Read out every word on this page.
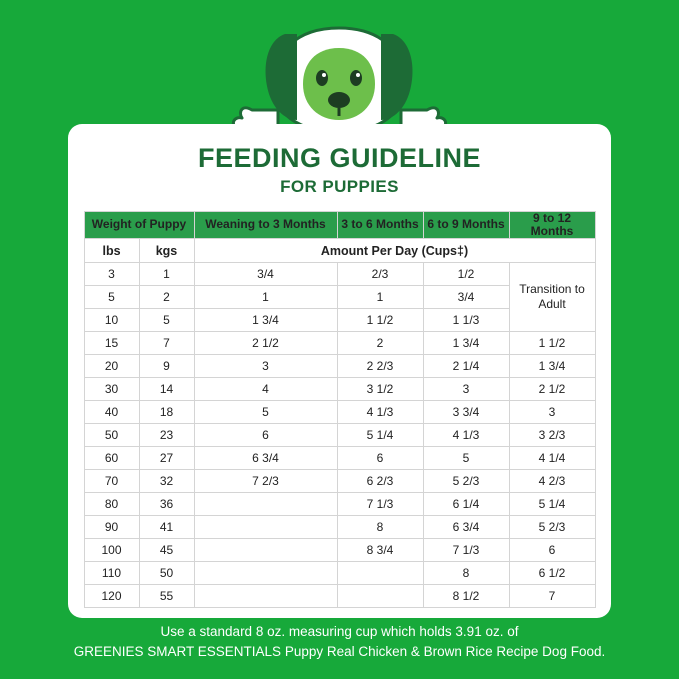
FEEDING GUIDELINE
FOR PUPPIES
Weight of Puppy		Weaning to 3 Months	3 to 6 Months	6 to 9 Months	9 to 12 Months
lbs	kgs	Amount Per Day (Cups‡)			
3	1	3/4	2/3	1/2	Transition to Adult
5	2	1	1	3/4	
10	5	1 3/4	1 1/2	1 1/3	
15	7	2 1/2	2	1 3/4	1 1/2
20	9	3	2 2/3	2 1/4	1 3/4
30	14	4	3 1/2	3	2 1/2
40	18	5	4 1/3	3 3/4	3
50	23	6	5 1/4	4 1/3	3 2/3
60	27	6 3/4	6	5	4 1/4
70	32	7 2/3	6 2/3	5 2/3	4 2/3
80	36		7 1/3	6 1/4	5 1/4
90	41		8	6 3/4	5 2/3
100	45		8 3/4	7 1/3	6
110	50			8	6 1/2
120	55			8 1/2	7
Use a standard 8 oz. measuring cup which holds 3.91 oz. of
GREENIES SMART ESSENTIALS Puppy Real Chicken & Brown Rice Recipe Dog Food.
